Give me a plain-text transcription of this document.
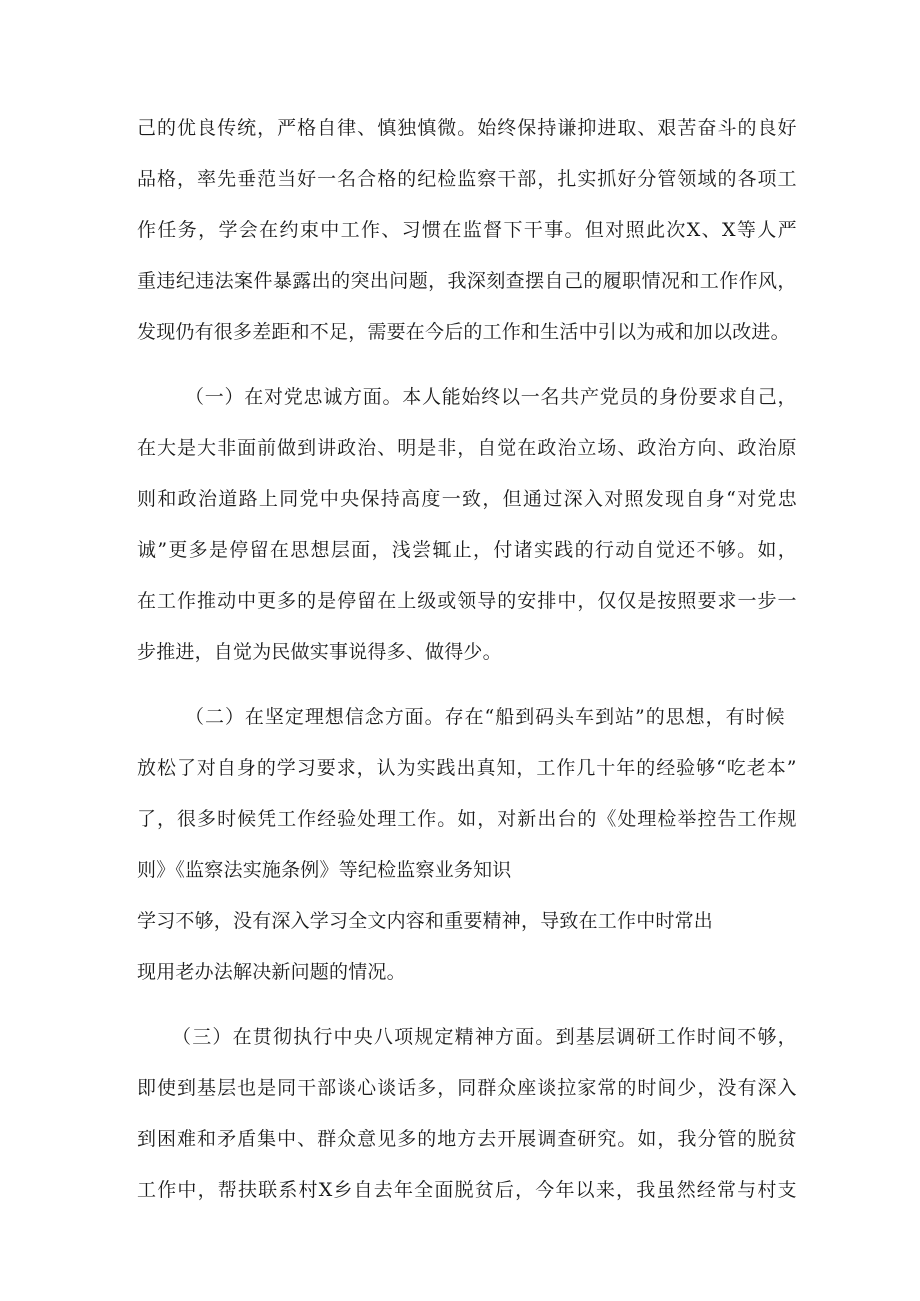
己 的 优 良 传 统 ， 严 格 自 律 、 慎 独 慎 微 。 始 终 保 持 谦 抑 进 取 、 艰 苦 奋 斗 的 良 好
品 格 ， 率 先 垂 范 当 好 一 名 合 格 的 纪 检 监 察 干 部 ， 扎 实 抓 好 分 管 领 域 的 各 项 工
作 任 务 ， 学 会 在 约 束 中 工 作 、 习 惯 在 监 督 下 干 事 。 但 对 照 此 次 X 、 X 等 人 严
重 违 纪 违 法 案 件 暴 露 出 的 突 出 问 题 ， 我 深 刻 查 摆 自 己 的 履 职 情 况 和 工 作 作 风 ，
发现仍有很多差距和不足，需要在今后的工作和生活中引以为戒和加以改进。
（ 一 ） 在 对 党 忠 诚 方 面 。 本 人 能 始 终 以 一 名 共 产 党 员 的 身 份 要 求 自 己 ，
在 大 是 大 非 面 前 做 到 讲 政 治 、 明 是 非 ， 自 觉 在 政 治 立 场 、 政 治 方 向 、 政 治 原
则 和 政 治 道 路 上 同 党 中 央 保 持 高 度 一 致 ， 但 通 过 深 入 对 照 发 现 自 身 “ 对 党 忠
诚 ” 更 多 是 停 留 在 思 想 层 面 ， 浅 尝 辄 止 ， 付 诸 实 践 的 行 动 自 觉 还 不 够 。 如 ，
在 工 作 推 动 中 更 多 的 是 停 留 在 上 级 或 领 导 的 安 排 中 ， 仅 仅 是 按 照 要 求 一 步 一
步推进，自觉为民做实事说得多、做得少。
（ 二 ） 在 坚 定 理 想 信 念 方 面 。 存 在 “ 船 到 码 头 车 到 站 ” 的 思 想 ， 有 时 候
放 松 了 对 自 身 的 学 习 要 求 ， 认 为 实 践 出 真 知 ， 工 作 几 十 年 的 经 验 够 “ 吃 老 本 ”
了 ， 很 多 时 候 凭 工 作 经 验 处 理 工 作 。 如 ， 对 新 出 台 的 《 处 理 检 举 控 告 工 作 规
则》《监察法实施条例》等纪检监察业务知识
学习不够，没有深入学习全文内容和重要精神，导致在工作中时常出
现用老办法解决新问题的情况。
（ 三 ） 在 贯 彻 执 行 中 央 八 项 规 定 精 神 方 面 。 到 基 层 调 研 工 作 时 间 不 够 ，
即 使 到 基 层 也 是 同 干 部 谈 心 谈 话 多 ， 同 群 众 座 谈 拉 家 常 的 时 间 少 ， 没 有 深 入
到 困 难 和 矛 盾 集 中 、 群 众 意 见 多 的 地 方 去 开 展 调 查 研 究 。 如 ， 我 分 管 的 脱 贫
工 作 中 ， 帮 扶 联 系 村 X 乡 自 去 年 全 面 脱 贫 后 ， 今 年 以 来 ， 我 虽 然 经 常 与 村 支
